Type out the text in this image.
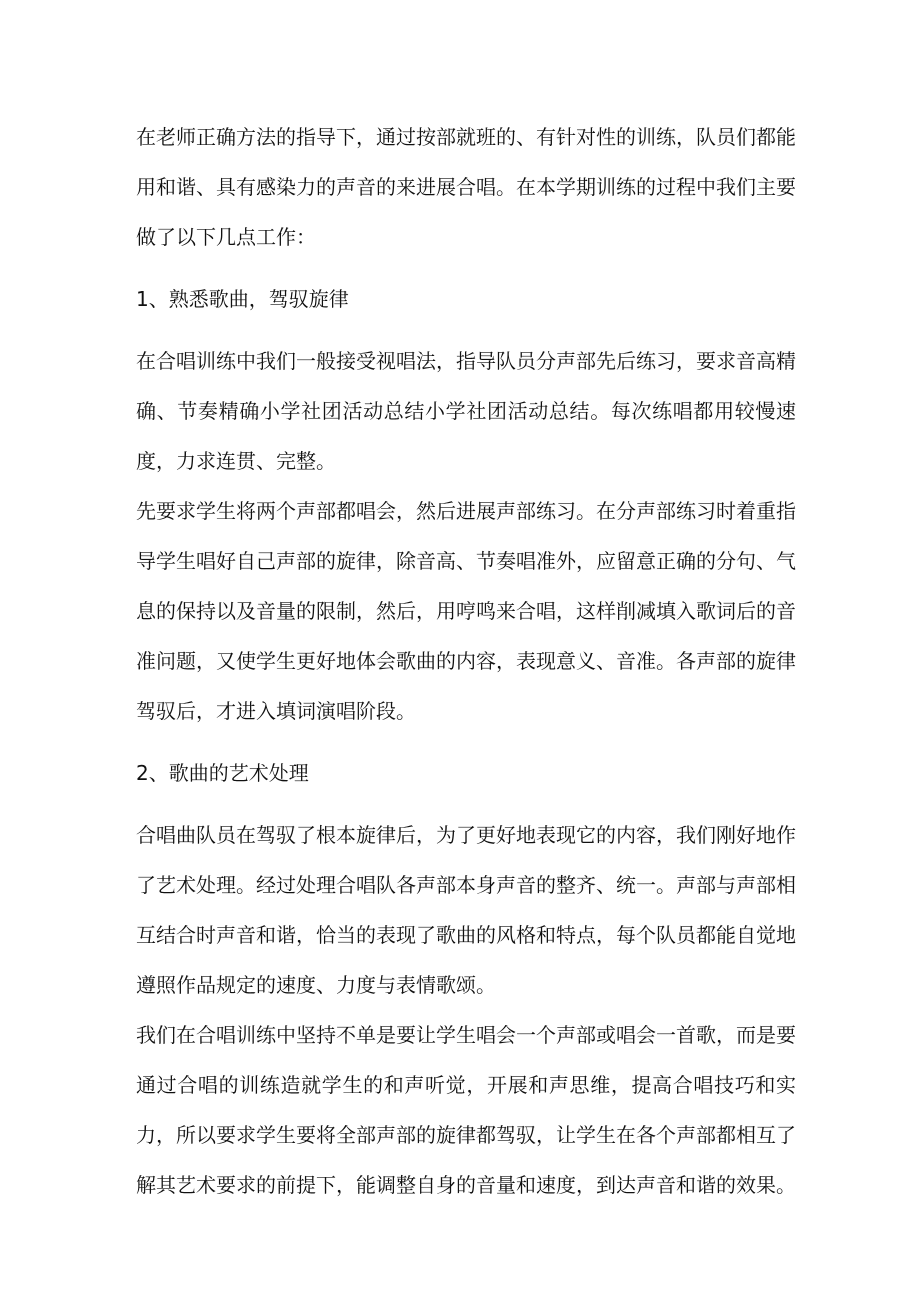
在老师正确方法的指导下，通过按部就班的、有针对性的训练，队员们都能用和谐、具有感染力的声音的来进展合唱。在本学期训练的过程中我们主要做了以下几点工作：

1、熟悉歌曲，驾驭旋律

在合唱训练中我们一般接受视唱法，指导队员分声部先后练习，要求音高精确、节奏精确小学社团活动总结小学社团活动总结。每次练唱都用较慢速度，力求连贯、完整。

先要求学生将两个声部都唱会，然后进展声部练习。在分声部练习时着重指导学生唱好自己声部的旋律，除音高、节奏唱准外，应留意正确的分句、气息的保持以及音量的限制，然后，用哼鸣来合唱，这样削减填入歌词后的音准问题，又使学生更好地体会歌曲的内容，表现意义、音准。各声部的旋律驾驭后，才进入填词演唱阶段。

2、歌曲的艺术处理

合唱曲队员在驾驭了根本旋律后，为了更好地表现它的内容，我们刚好地作了艺术处理。经过处理合唱队各声部本身声音的整齐、统一。声部与声部相互结合时声音和谐，恰当的表现了歌曲的风格和特点，每个队员都能自觉地遵照作品规定的速度、力度与表情歌颂。

我们在合唱训练中坚持不单是要让学生唱会一个声部或唱会一首歌，而是要通过合唱的训练造就学生的和声听觉，开展和声思维，提高合唱技巧和实力，所以要求学生要将全部声部的旋律都驾驭，让学生在各个声部都相互了解其艺术要求的前提下，能调整自身的音量和速度，到达声音和谐的效果。
